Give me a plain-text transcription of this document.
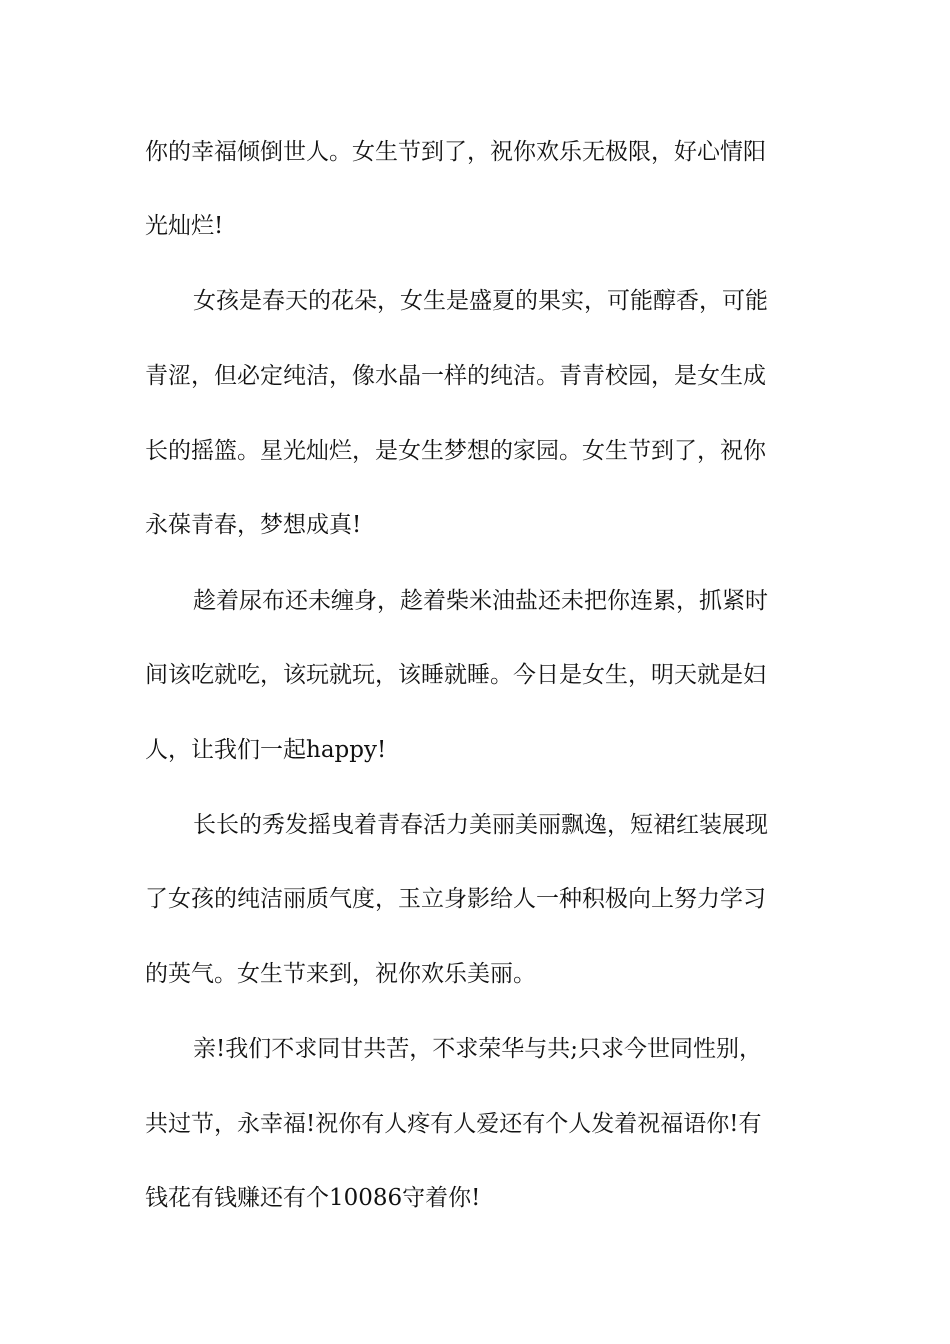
你的幸福倾倒世人。女生节到了，祝你欢乐无极限，好心情阳
光灿烂!
女孩是春天的花朵，女生是盛夏的果实，可能醇香，可能
青涩，但必定纯洁，像水晶一样的纯洁。青青校园，是女生成
长的摇篮。星光灿烂，是女生梦想的家园。女生节到了，祝你
永葆青春，梦想成真!
趁着尿布还未缠身，趁着柴米油盐还未把你连累，抓紧时
间该吃就吃，该玩就玩，该睡就睡。今日是女生，明天就是妇
人，让我们一起happy!
长长的秀发摇曳着青春活力美丽美丽飘逸，短裙红装展现
了女孩的纯洁丽质气度，玉立身影给人一种积极向上努力学习
的英气。女生节来到，祝你欢乐美丽。
亲!我们不求同甘共苦，不求荣华与共;只求今世同性别，
共过节，永幸福!祝你有人疼有人爱还有个人发着祝福语你!有
钱花有钱赚还有个10086守着你!
